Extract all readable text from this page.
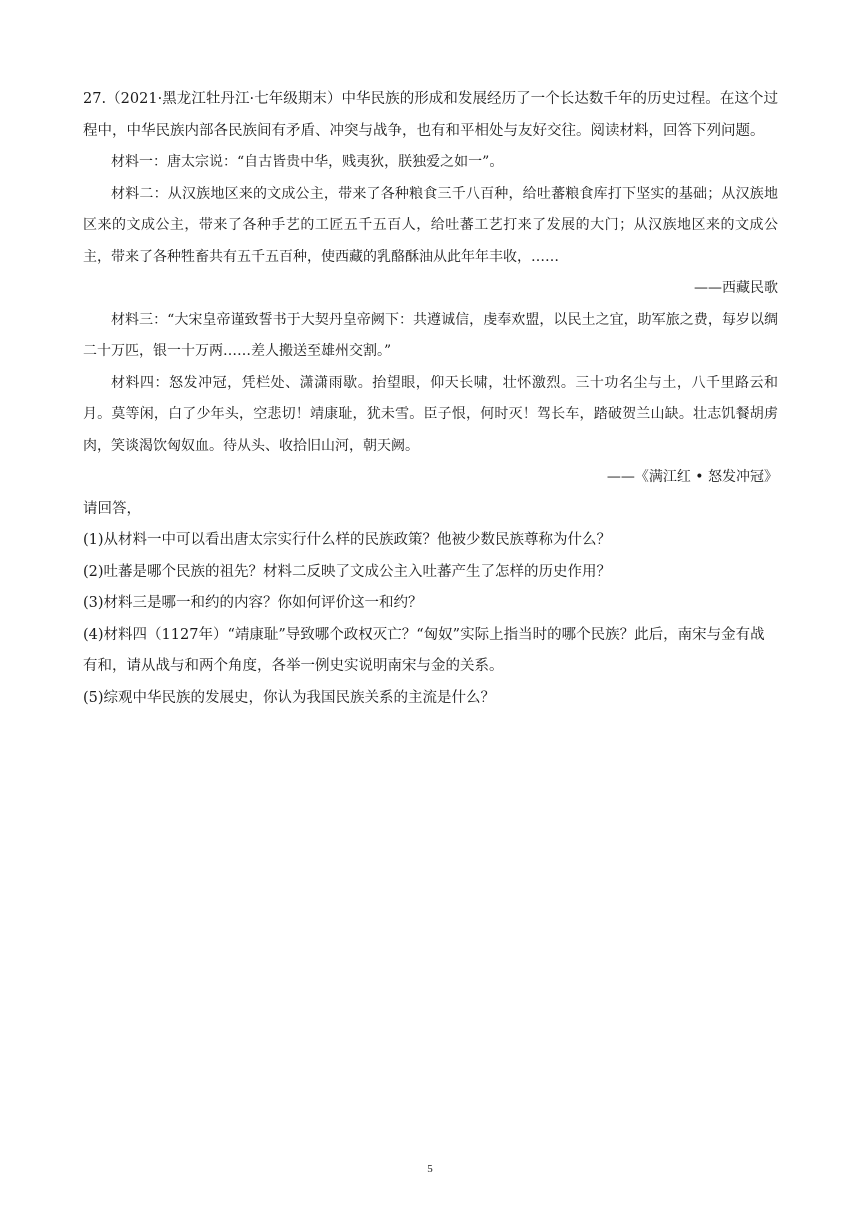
27.（2021·黑龙江牡丹江·七年级期末）中华民族的形成和发展经历了一个长达数千年的历史过程。在这个过程中，中华民族内部各民族间有矛盾、冲突与战争，也有和平相处与友好交往。阅读材料，回答下列问题。

材料一：唐太宗说：“自古皆贵中华，贱夷狄，朕独爱之如一”。

材料二：从汉族地区来的文成公主，带来了各种粮食三千八百种，给吐蕃粮食库打下坚实的基础；从汉族地区来的文成公主，带来了各种手艺的工匠五千五百人，给吐蕃工艺打来了发展的大门；从汉族地区来的文成公主，带来了各种牲畜共有五千五百种，使西藏的乳酪酥油从此年年丰收，……

——西藏民歌

材料三：“大宋皇帝谨致誓书于大契丹皇帝阙下：共遵诚信，虔奉欢盟，以民土之宜，助军旅之费，每岁以绸二十万匹，银一十万两……差人搬送至雄州交割。”

材料四：怒发冲冠，凭栏处、潇潇雨歇。抬望眼，仰天长啸，壮怀激烈。三十功名尘与土，八千里路云和月。莫等闲，白了少年头，空悲切！靖康耻，犹未雪。臣子恨，何时灭！驾长车，踏破贺兰山缺。壮志饥餐胡虏肉，笑谈渴饮匈奴血。待从头、收拾旧山河，朝天阙。

——《满江红 • 怒发冲冠》

请回答，

(1)从材料一中可以看出唐太宗实行什么样的民族政策？他被少数民族尊称为什么？

(2)吐蕃是哪个民族的祖先？材料二反映了文成公主入吐蕃产生了怎样的历史作用？

(3)材料三是哪一和约的内容？你如何评价这一和约？

(4)材料四（1127年）“靖康耻”导致哪个政权灭亡？“匈奴”实际上指当时的哪个民族？此后，南宋与金有战有和，请从战与和两个角度，各举一例史实说明南宋与金的关系。

(5)综观中华民族的发展史，你认为我国民族关系的主流是什么？

5
